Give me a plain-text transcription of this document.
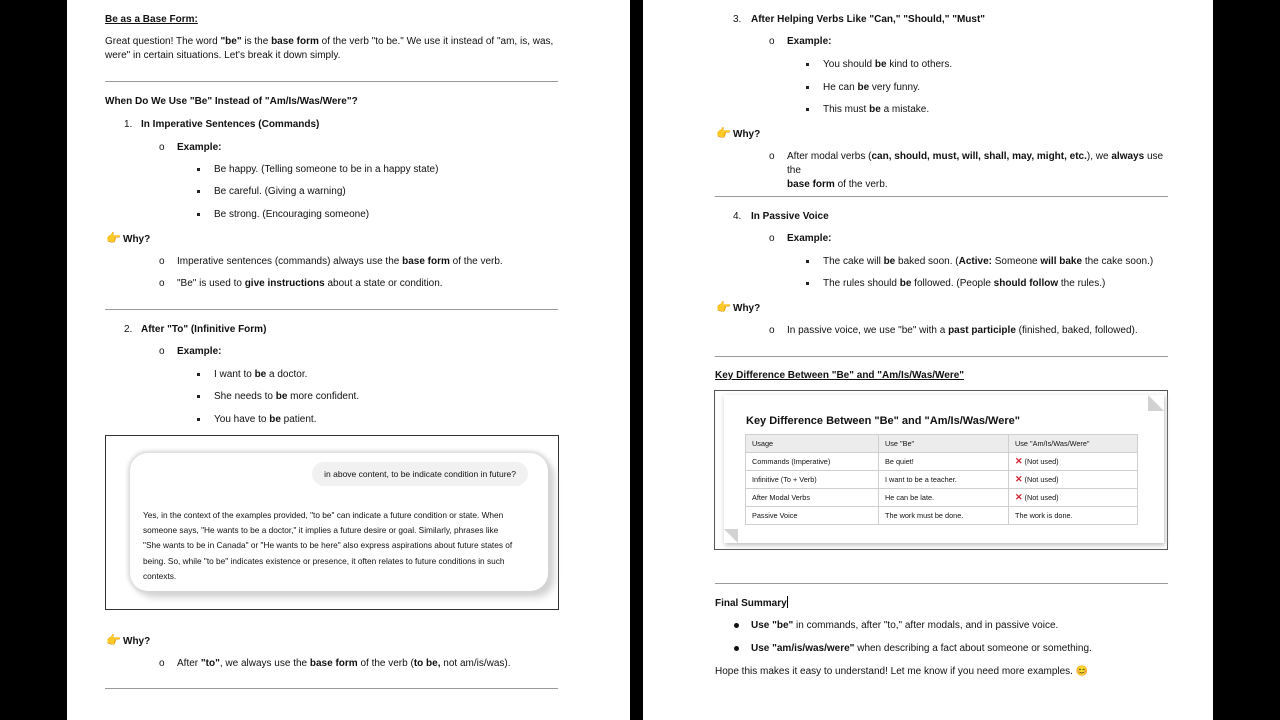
Be as a Base Form:
Great question! The word "be" is the base form of the verb "to be." We use it instead of "am, is, was,
were" in certain situations. Let's break it down simply.
When Do We Use "Be" Instead of "Am/Is/Was/Were"?
1. In Imperative Sentences (Commands)
o Example:
Be happy. (Telling someone to be in a happy state)
Be careful. (Giving a warning)
Be strong. (Encouraging someone)
👉 Why?
o Imperative sentences (commands) always use the base form of the verb.
o "Be" is used to give instructions about a state or condition.
2. After "To" (Infinitive Form)
o Example:
I want to be a doctor.
She needs to be more confident.
You have to be patient.
in above content, to be indicate condition in future?
Yes, in the context of the examples provided, "to be" can indicate a future condition or state. When
someone says, "He wants to be a doctor," it implies a future desire or goal. Similarly, phrases like
"She wants to be in Canada" or "He wants to be here" also express aspirations about future states of
being. So, while "to be" indicates existence or presence, it often relates to future conditions in such
contexts.
👉 Why?
o After "to", we always use the base form of the verb (to be, not am/is/was).
3. After Helping Verbs Like "Can," "Should," "Must"
o Example:
You should be kind to others.
He can be very funny.
This must be a mistake.
👉 Why?
o After modal verbs (can, should, must, will, shall, may, might, etc.), we always use the
base form of the verb.
4. In Passive Voice
o Example:
The cake will be baked soon. (Active: Someone will bake the cake soon.)
The rules should be followed. (People should follow the rules.)
👉 Why?
o In passive voice, we use "be" with a past participle (finished, baked, followed).
Key Difference Between "Be" and "Am/Is/Was/Were"
Key Difference Between "Be" and "Am/Is/Was/Were"
Usage	Use "Be"	Use "Am/Is/Was/Were"
Commands (Imperative)	Be quiet!	✕ (Not used)
Infinitive (To + Verb)	I want to be a teacher.	✕ (Not used)
After Modal Verbs	He can be late.	✕ (Not used)
Passive Voice	The work must be done.	The work is done.
Final Summary
Use "be" in commands, after "to," after modals, and in passive voice.
Use "am/is/was/were" when describing a fact about someone or something.
Hope this makes it easy to understand! Let me know if you need more examples. 😊
